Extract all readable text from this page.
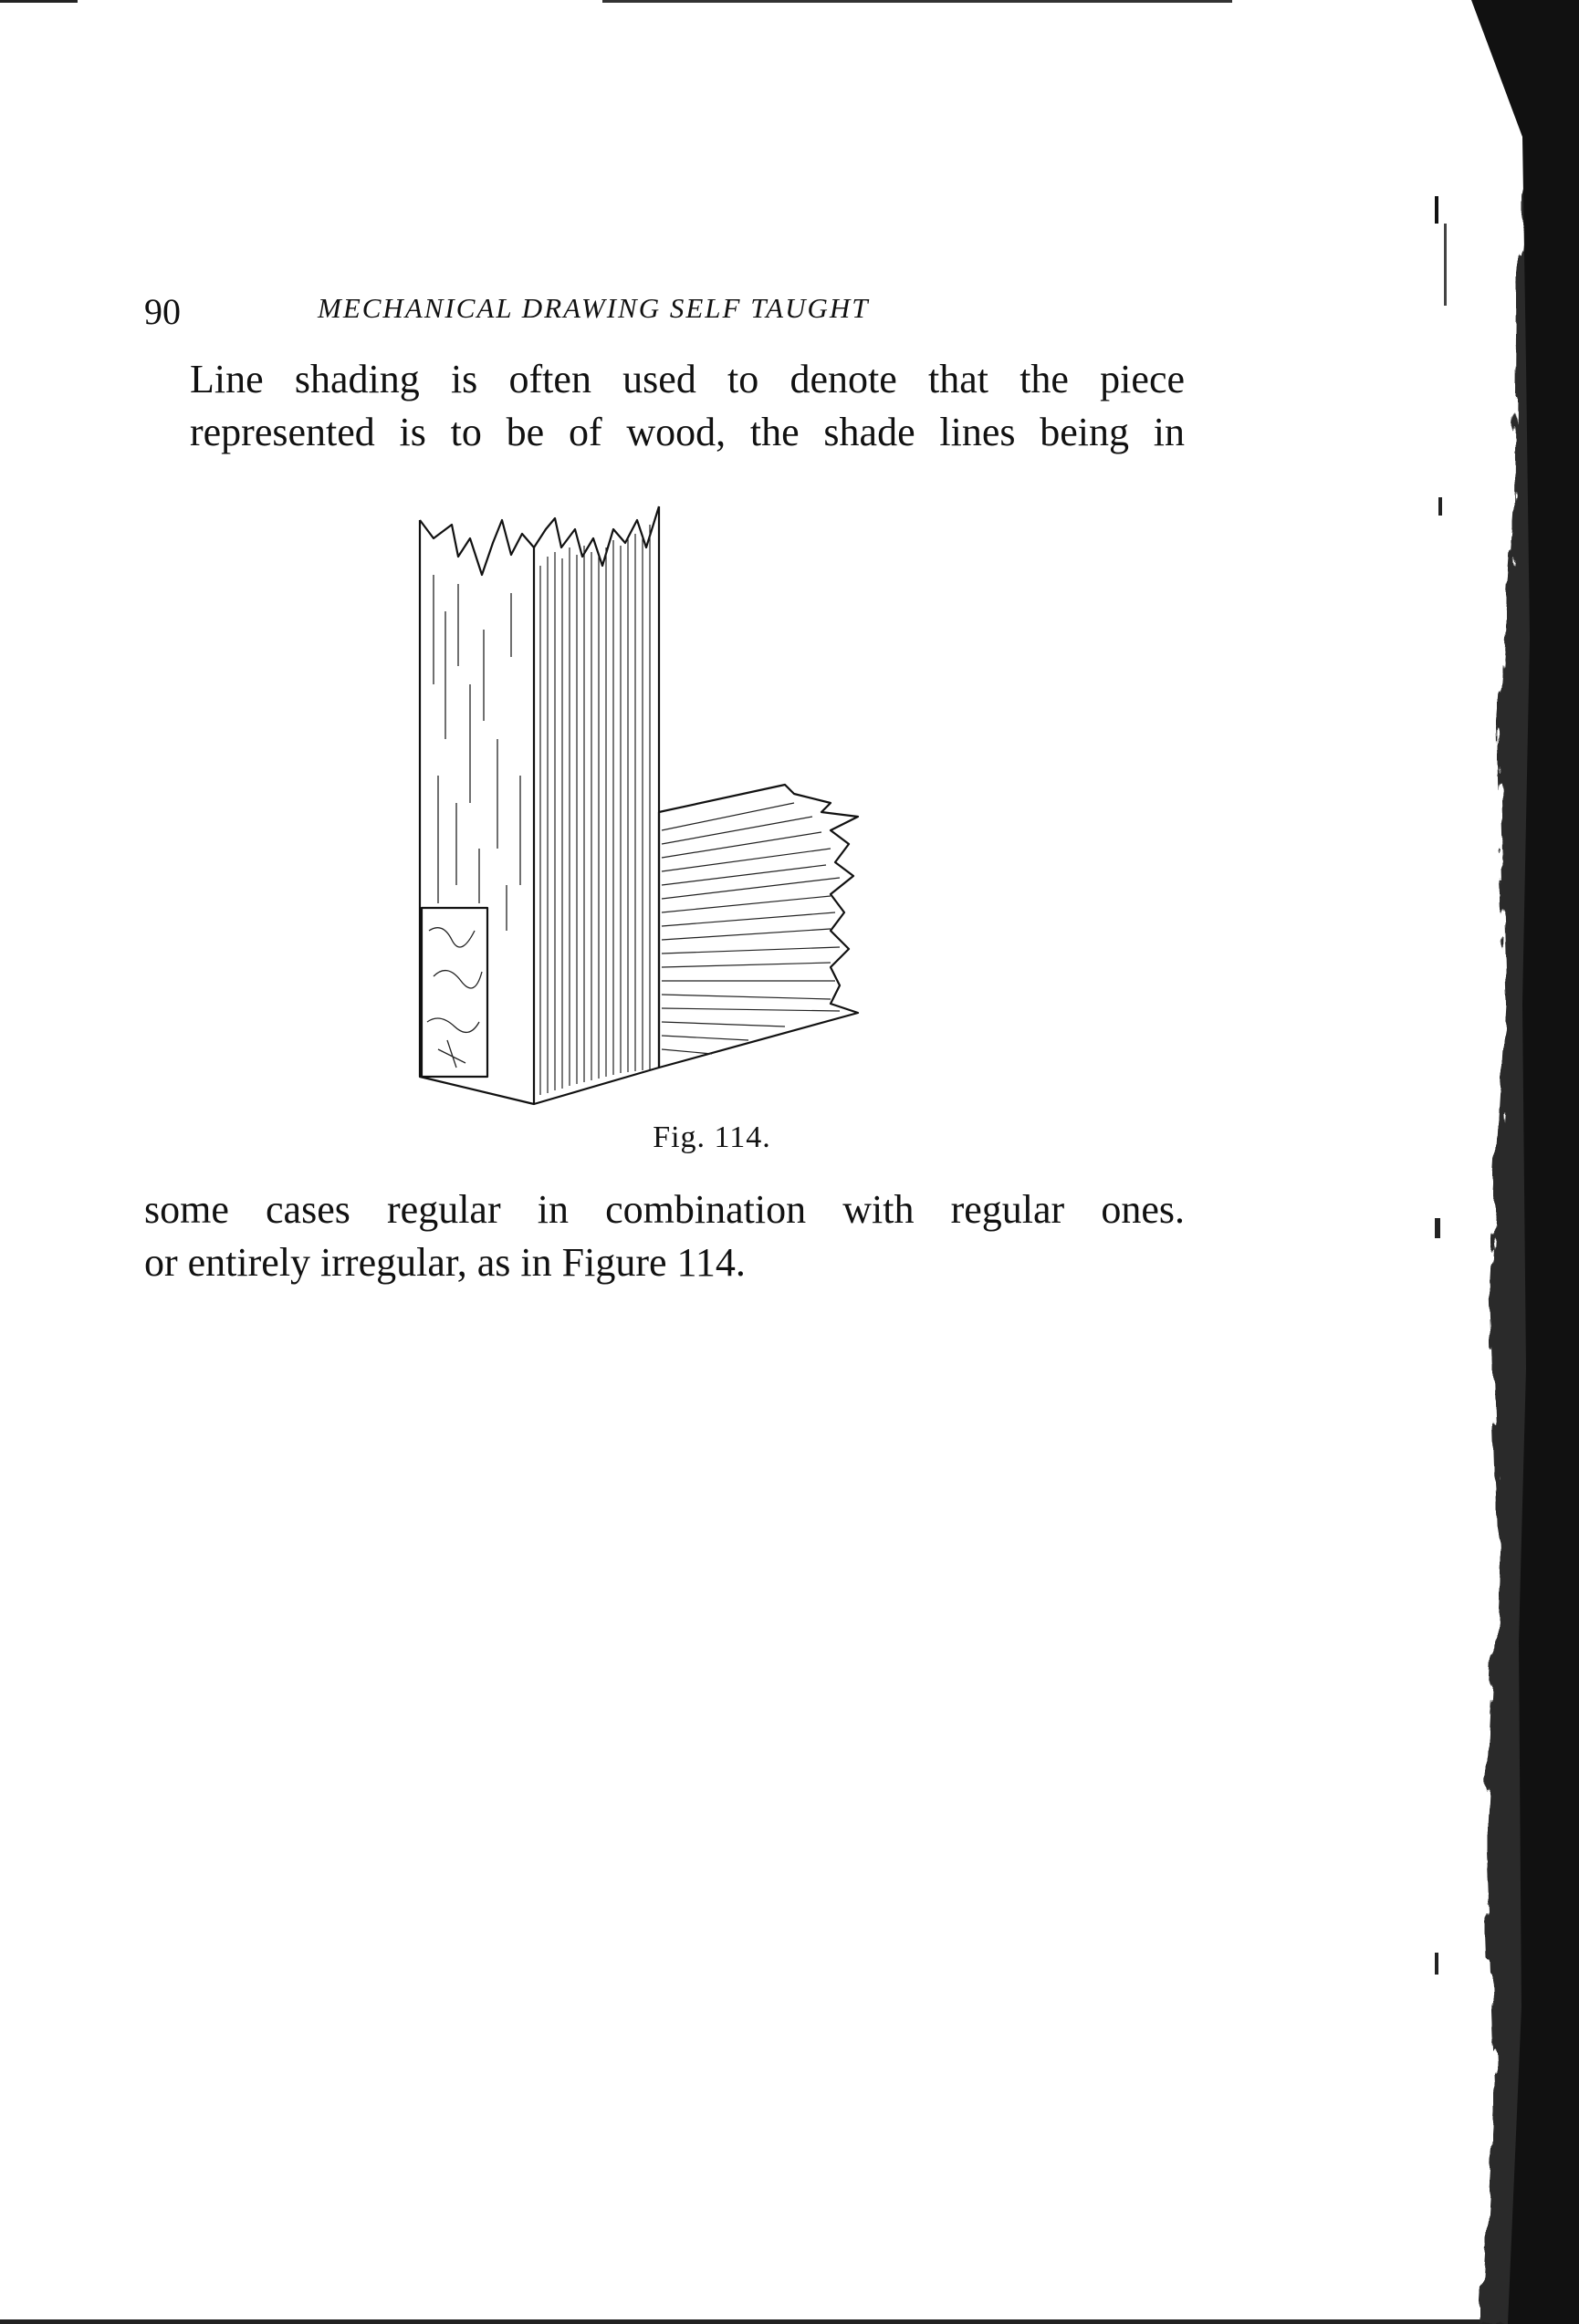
90	MECHANICAL DRAWING SELF TAUGHT
Line shading is often used to denote that the piece
represented is to be of wood, the shade lines being in
Fig. 114.
some cases regular in combination with regular ones.
or entirely irregular, as in Figure 114.
